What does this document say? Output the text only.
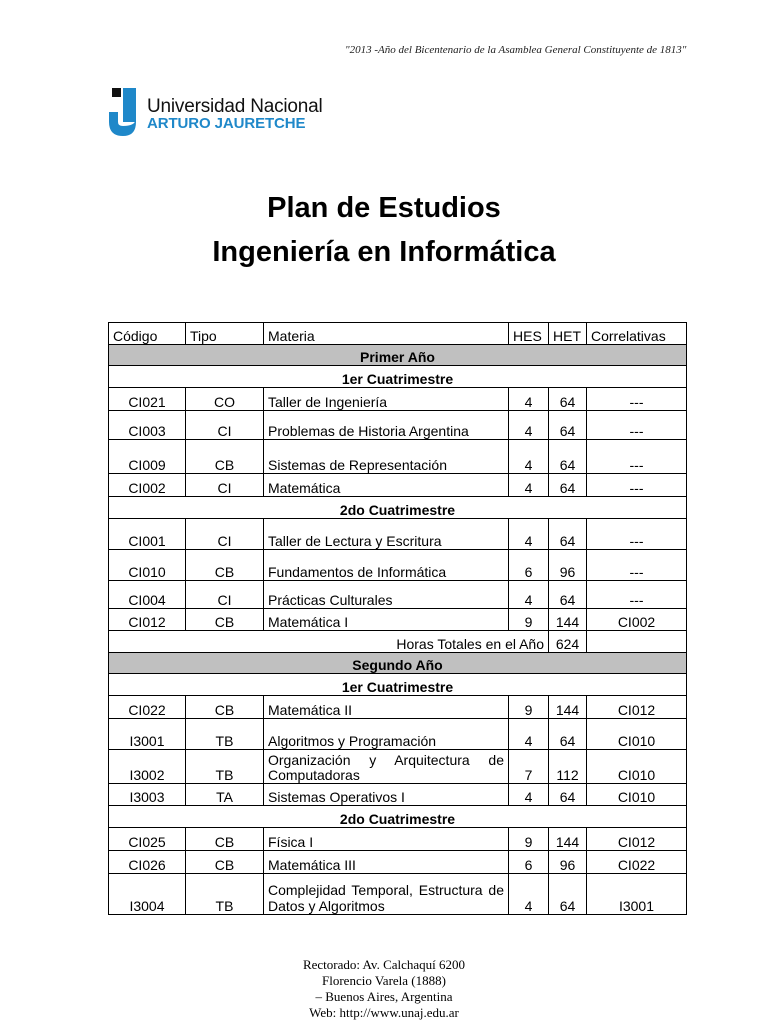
"2013 -Año del Bicentenario de la Asamblea General Constituyente de 1813"
Universidad Nacional
ARTURO JAURETCHE
Plan de Estudios
Ingeniería en Informática
Código	Tipo	Materia	HES	HET	Correlativas
Primer Año					
1er Cuatrimestre					
CI021	CO	Taller de Ingeniería	4	64	---
CI003	CI	Problemas de Historia Argentina	4	64	---
CI009	CB	Sistemas de Representación	4	64	---
CI002	CI	Matemática	4	64	---
2do Cuatrimestre					
CI001	CI	Taller de Lectura y Escritura	4	64	---
CI010	CB	Fundamentos de Informática	6	96	---
CI004	CI	Prácticas Culturales	4	64	---
CI012	CB	Matemática I	9	144	CI002
Horas Totales en el Año				624	
Segundo Año					
1er Cuatrimestre					
CI022	CB	Matemática II	9	144	CI012
I3001	TB	Algoritmos y Programación	4	64	CI010
I3002	TB	Organización y Arquitectura de
Computadoras	7	112	CI010
I3003	TA	Sistemas Operativos I	4	64	CI010
2do Cuatrimestre					
CI025	CB	Física I	9	144	CI012
CI026	CB	Matemática III	6	96	CI022
I3004	TB	Complejidad Temporal, Estructura de
Datos y Algoritmos	4	64	I3001
Rectorado: Av. Calchaquí 6200
Florencio Varela (1888)
– Buenos Aires, Argentina
Web: http://www.unaj.edu.ar
